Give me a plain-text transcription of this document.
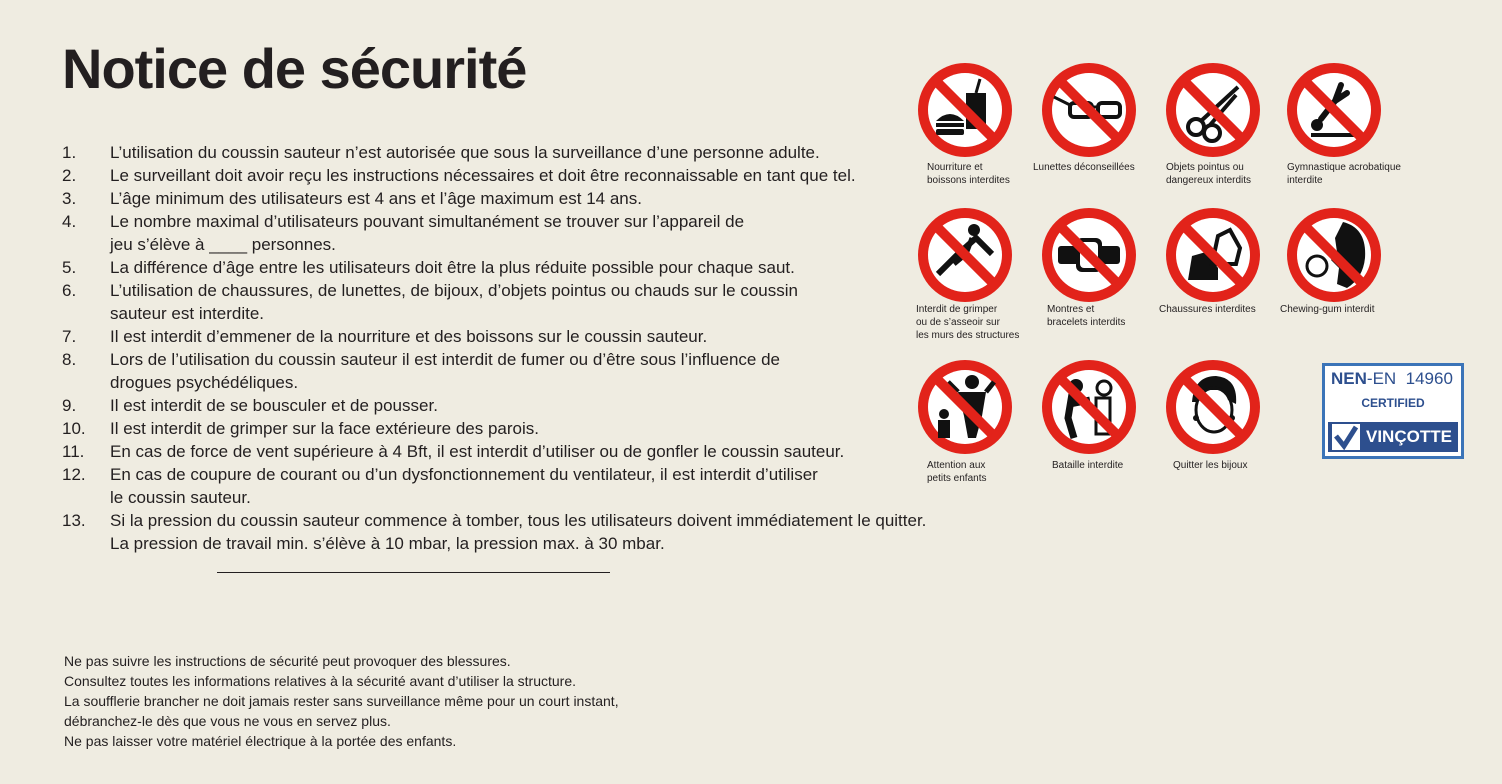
Notice de sécurité
1. L’utilisation du coussin sauteur n’est autorisée que sous la surveillance d’une personne adulte.
2. Le surveillant doit avoir reçu les instructions nécessaires et doit être reconnaissable en tant que tel.
3. L’âge minimum des utilisateurs est 4 ans et l’âge maximum est 14 ans.
4. Le nombre maximal d’utilisateurs pouvant simultanément se trouver sur l’appareil de
jeu s’élève à ____ personnes.
5. La différence d’âge entre les utilisateurs doit être la plus réduite possible pour chaque saut.
6. L’utilisation de chaussures, de lunettes, de bijoux, d’objets pointus ou chauds sur le coussin
sauteur est interdite.
7. Il est interdit d’emmener de la nourriture et des boissons sur le coussin sauteur.
8. Lors de l’utilisation du coussin sauteur il est interdit de fumer ou d’être sous l’influence de
drogues psychédéliques.
9. Il est interdit de se bousculer et de pousser.
10. Il est interdit de grimper sur la face extérieure des parois.
11. En cas de force de vent supérieure à 4 Bft, il est interdit d’utiliser ou de gonfler le coussin sauteur.
12. En cas de coupure de courant ou d’un dysfonctionnement du ventilateur, il est interdit d’utiliser
le coussin sauteur.
13. Si la pression du coussin sauteur commence à tomber, tous les utilisateurs doivent immédiatement le quitter.
La pression de travail min. s’élève à 10 mbar, la pression max. à 30 mbar.
Ne pas suivre les instructions de sécurité peut provoquer des blessures.
Consultez toutes les informations relatives à la sécurité avant d’utiliser la structure.
La soufflerie brancher ne doit jamais rester sans surveillance même pour un court instant,
débranchez-le dès que vous ne vous en servez plus.
Ne pas laisser votre matériel électrique à la portée des enfants.
Nourriture et
boissons interdites
Lunettes déconseillées	Objets pointus ou
dangereux interdits
Gymnastique acrobatique
interdite
Interdit de grimper
ou de s’asseoir sur
les murs des structures
Montres et
bracelets interdits
Chaussures interdites	Chewing-gum interdit
Attention aux
petits enfants
Bataille interdite	Quitter les bijoux
NEN-EN 14960
CERTIFIED
VINÇOTTE
